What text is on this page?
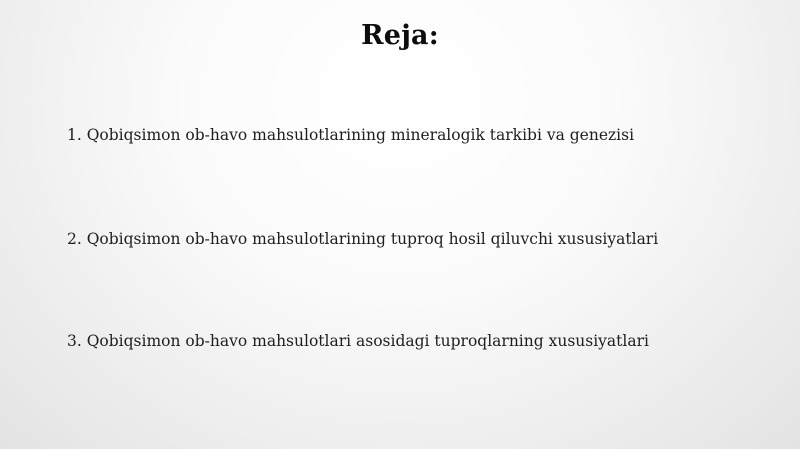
Reja:
1. Qobiqsimon ob-havo mahsulotlarining mineralogik tarkibi va genezisi
2. Qobiqsimon ob-havo mahsulotlarining tuproq hosil qiluvchi xususiyatlari
3. Qobiqsimon ob-havo mahsulotlari asosidagi tuproqlarning xususiyatlari
